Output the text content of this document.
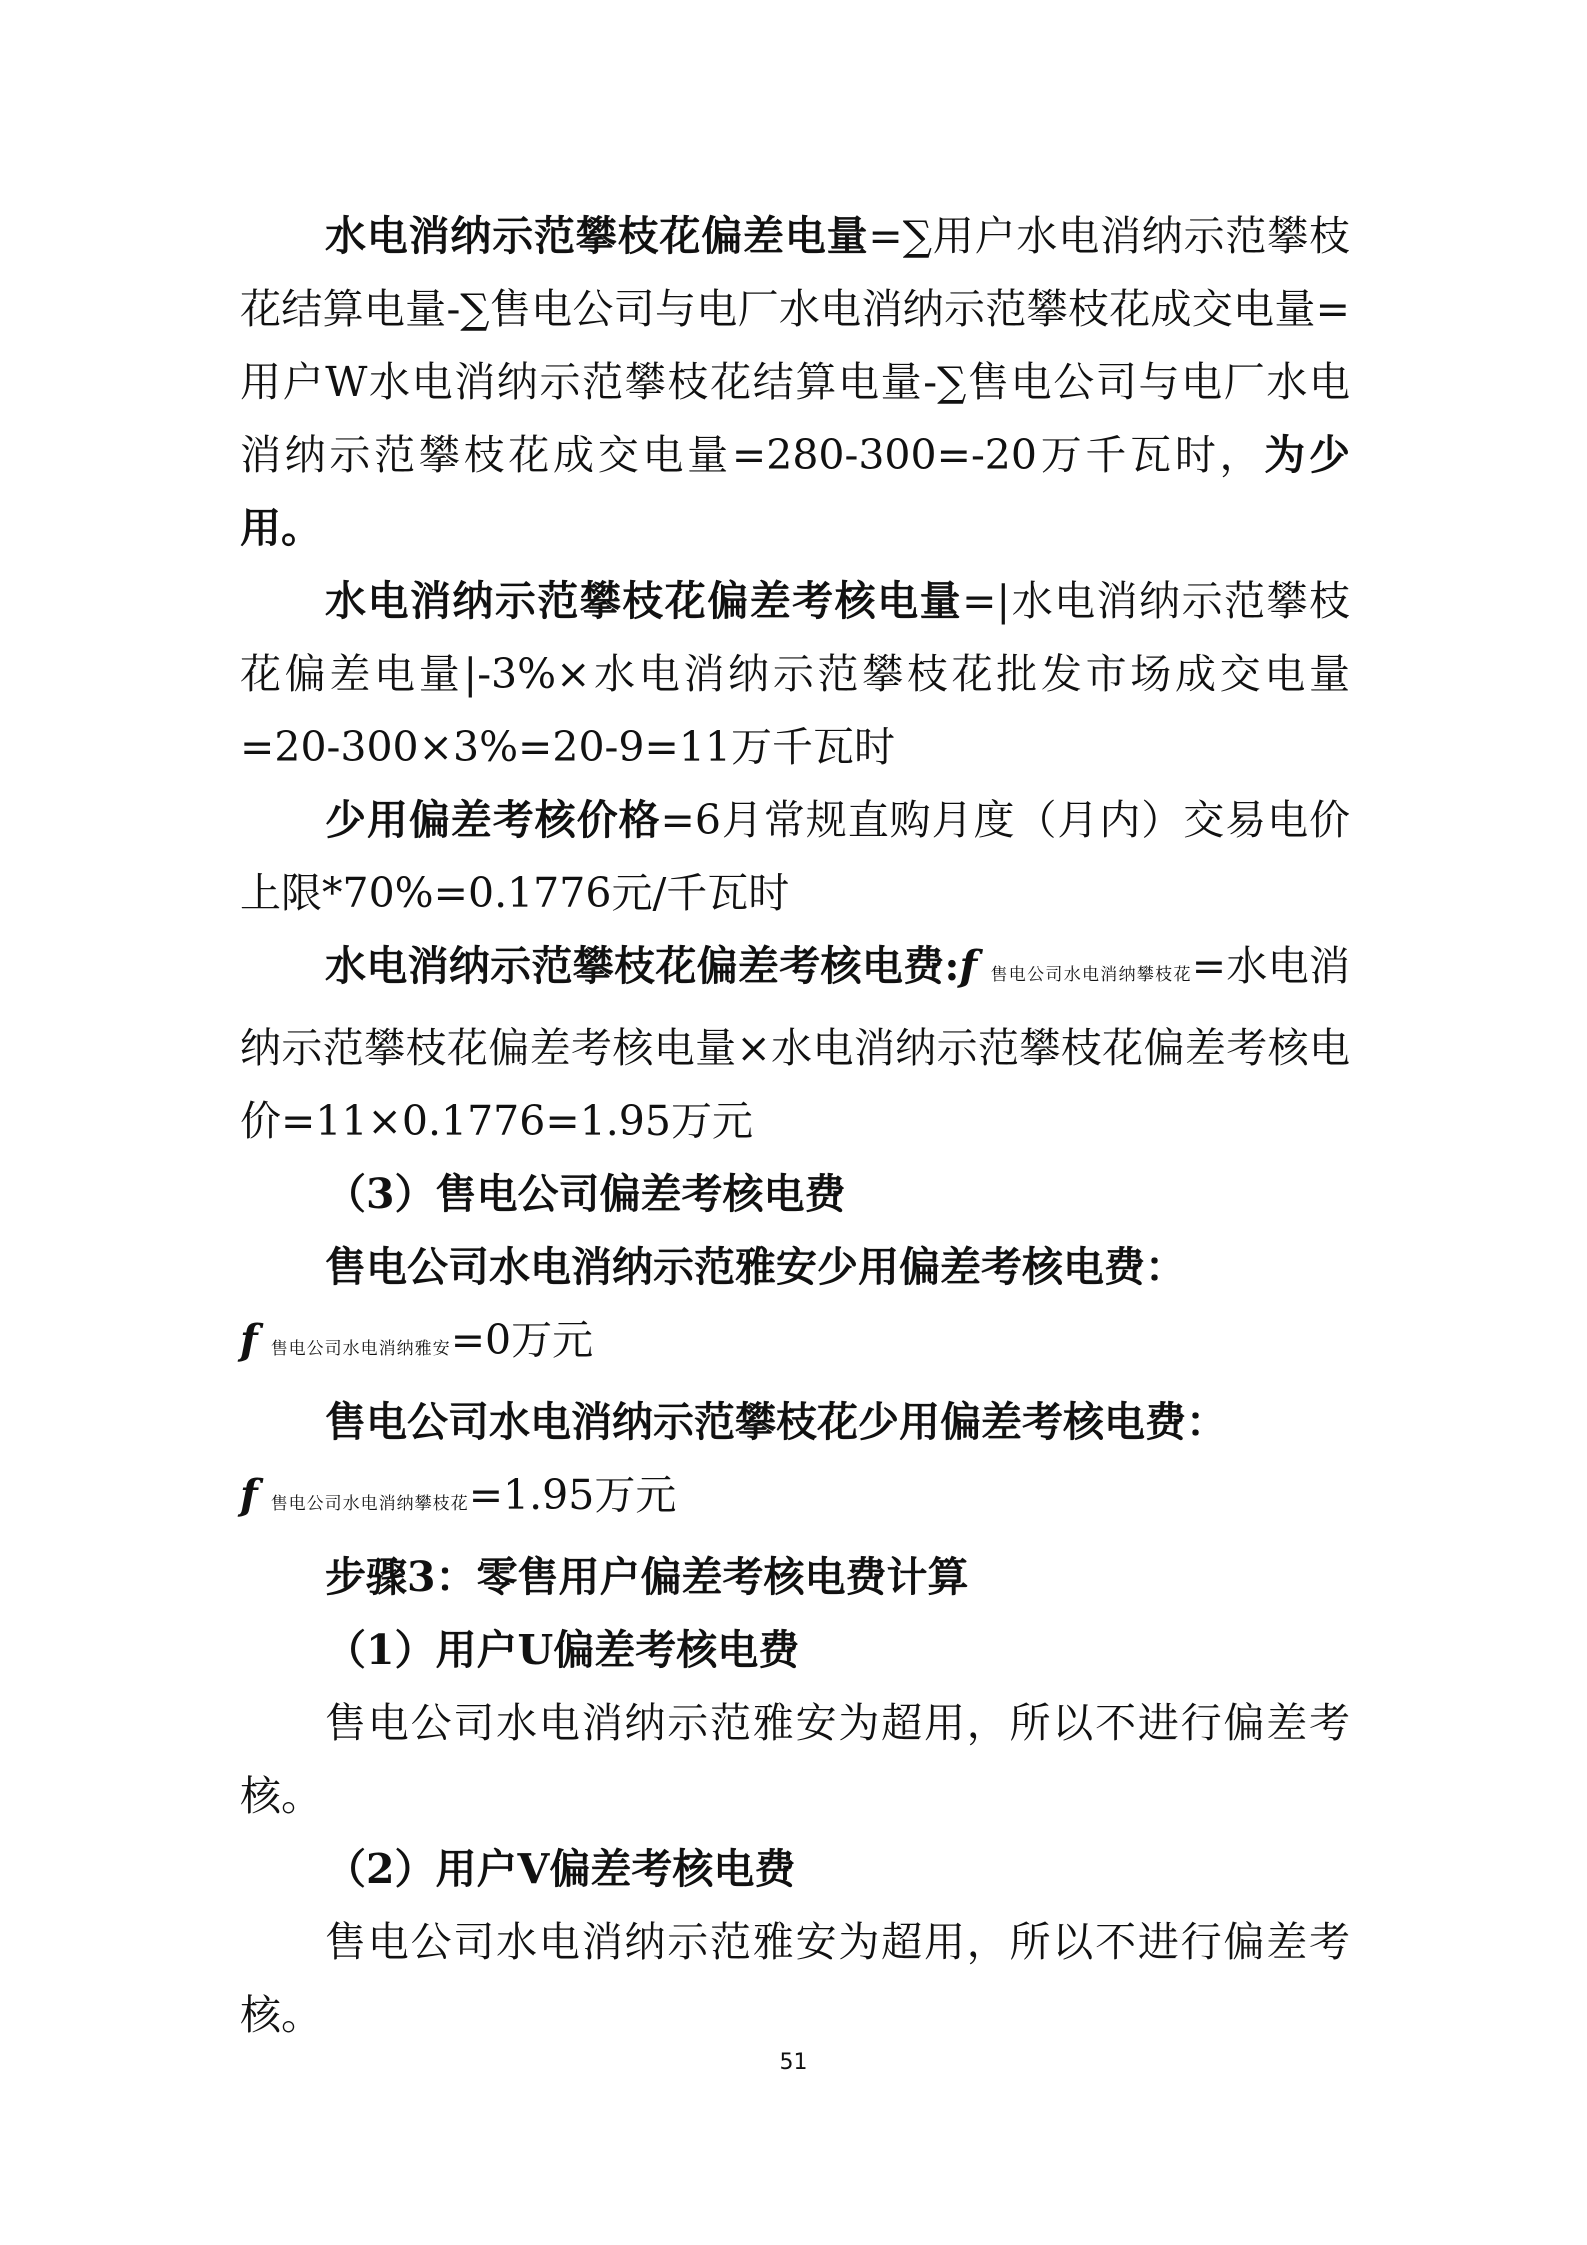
水电消纳示范攀枝花偏差电量=∑用户水电消纳示范攀枝花结算电量-∑售电公司与电厂水电消纳示范攀枝花成交电量=用户W水电消纳示范攀枝花结算电量-∑售电公司与电厂水电消纳示范攀枝花成交电量=280-300=-20万千瓦时，为少用。

水电消纳示范攀枝花偏差考核电量=|水电消纳示范攀枝花偏差电量|-3%×水电消纳示范攀枝花批发市场成交电量=20-300×3%=20-9=11万千瓦时

少用偏差考核价格=6月常规直购月度（月内）交易电价上限*70%=0.1776元/千瓦时

水电消纳示范攀枝花偏差考核电费:f 售电公司水电消纳攀枝花=水电消纳示范攀枝花偏差考核电量×水电消纳示范攀枝花偏差考核电价=11×0.1776=1.95万元

（3）售电公司偏差考核电费

售电公司水电消纳示范雅安少用偏差考核电费：

f 售电公司水电消纳雅安=0万元

售电公司水电消纳示范攀枝花少用偏差考核电费：

f 售电公司水电消纳攀枝花=1.95万元

步骤3：零售用户偏差考核电费计算

（1）用户U偏差考核电费

售电公司水电消纳示范雅安为超用，所以不进行偏差考核。

（2）用户V偏差考核电费

售电公司水电消纳示范雅安为超用，所以不进行偏差考核。

51
